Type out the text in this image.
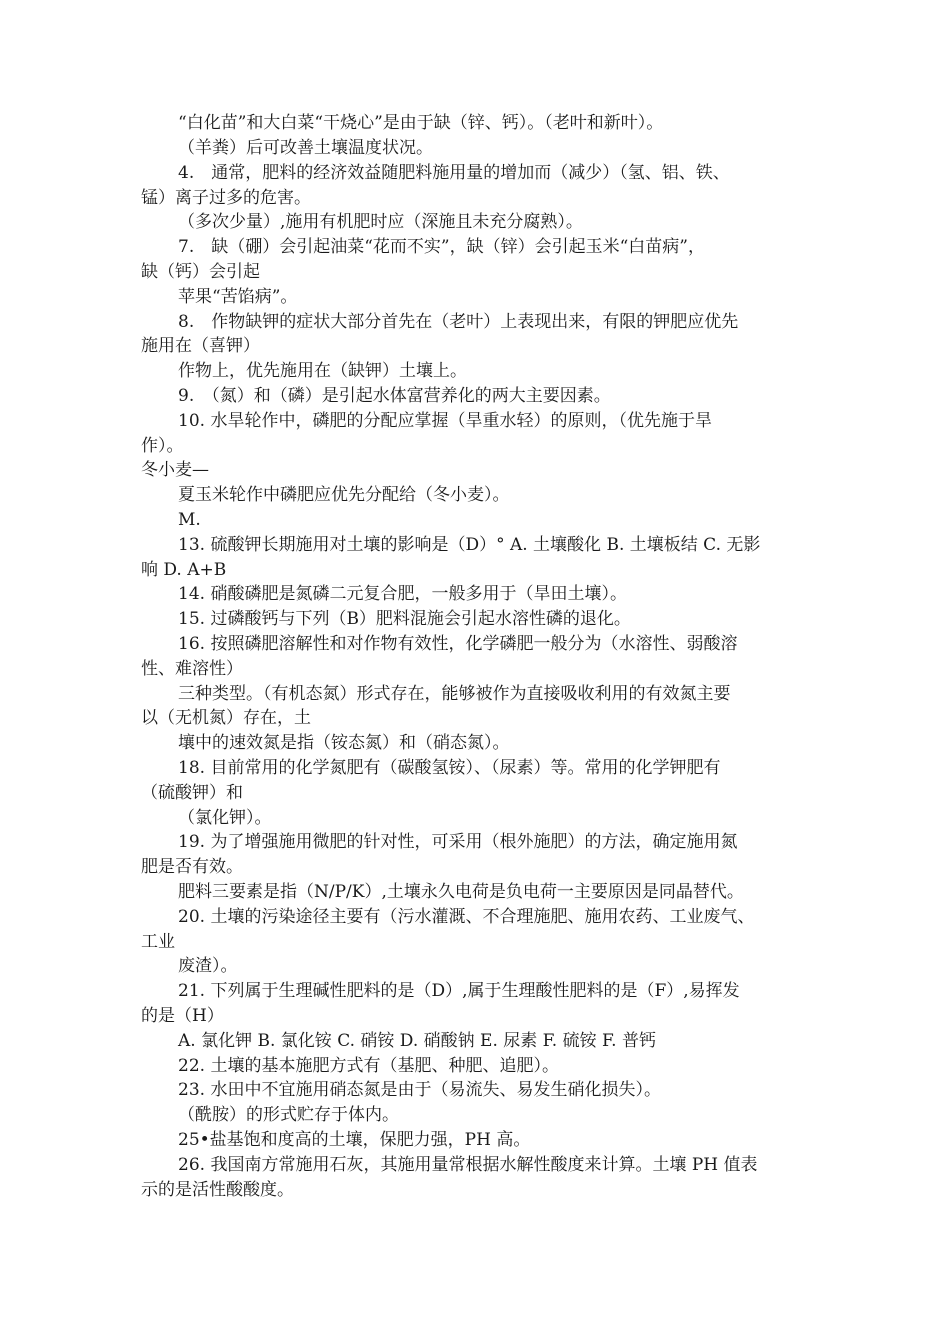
“白化苗”和大白菜“干烧心”是由于缺（锌、钙）。（老叶和新叶）。
（羊粪）后可改善土壤温度状况。
4.　通常，肥料的经济效益随肥料施用量的增加而（减少）（氢、铝、铁、
锰）离子过多的危害。
（多次少量）,施用有机肥时应（深施且未充分腐熟）。
7.　缺（硼）会引起油菜“花而不实”，缺（锌）会引起玉米“白苗病”，
缺（钙）会引起
苹果“苦馅病”。
8.　作物缺钾的症状大部分首先在（老叶）上表现出来，有限的钾肥应优先
施用在（喜钾）
作物上，优先施用在（缺钾）土壤上。
9.　（氮）和（磷）是引起水体富营养化的两大主要因素。
10. 水旱轮作中，磷肥的分配应掌握（旱重水轻）的原则，（优先施于旱
作）。
冬小麦—
夏玉米轮作中磷肥应优先分配给（冬小麦）。
M.
13. 硫酸钾长期施用对土壤的影响是（D）° A. 土壤酸化 B. 土壤板结 C. 无影
响 D. A+B
14. 硝酸磷肥是氮磷二元复合肥，一般多用于（旱田土壤）。
15. 过磷酸钙与下列（B）肥料混施会引起水溶性磷的退化。
16. 按照磷肥溶解性和对作物有效性，化学磷肥一般分为（水溶性、弱酸溶
性、难溶性）
三种类型。（有机态氮）形式存在，能够被作为直接吸收利用的有效氮主要
以（无机氮）存在，土
壤中的速效氮是指（铵态氮）和（硝态氮）。
18. 目前常用的化学氮肥有（碳酸氢铵）、（尿素）等。常用的化学钾肥有
（硫酸钾）和
（氯化钾）。
19. 为了增强施用微肥的针对性，可采用（根外施肥）的方法，确定施用氮
肥是否有效。
肥料三要素是指（N/P/K）,土壤永久电荷是负电荷一主要原因是同晶替代。
20. 土壤的污染途径主要有（污水灌溉、不合理施肥、施用农药、工业废气、
工业
废渣）。
21. 下列属于生理碱性肥料的是（D）,属于生理酸性肥料的是（F）,易挥发
的是（H）
A. 氯化钾 B. 氯化铵 C. 硝铵 D. 硝酸钠 E. 尿素 F. 硫铵 F. 普钙
22. 土壤的基本施肥方式有（基肥、种肥、追肥）。
23. 水田中不宜施用硝态氮是由于（易流失、易发生硝化损失）。
（酰胺）的形式贮存于体内。
25•盐基饱和度高的土壤，保肥力强，PH 高。
26. 我国南方常施用石灰，其施用量常根据水解性酸度来计算。土壤 PH 值表
示的是活性酸酸度。
